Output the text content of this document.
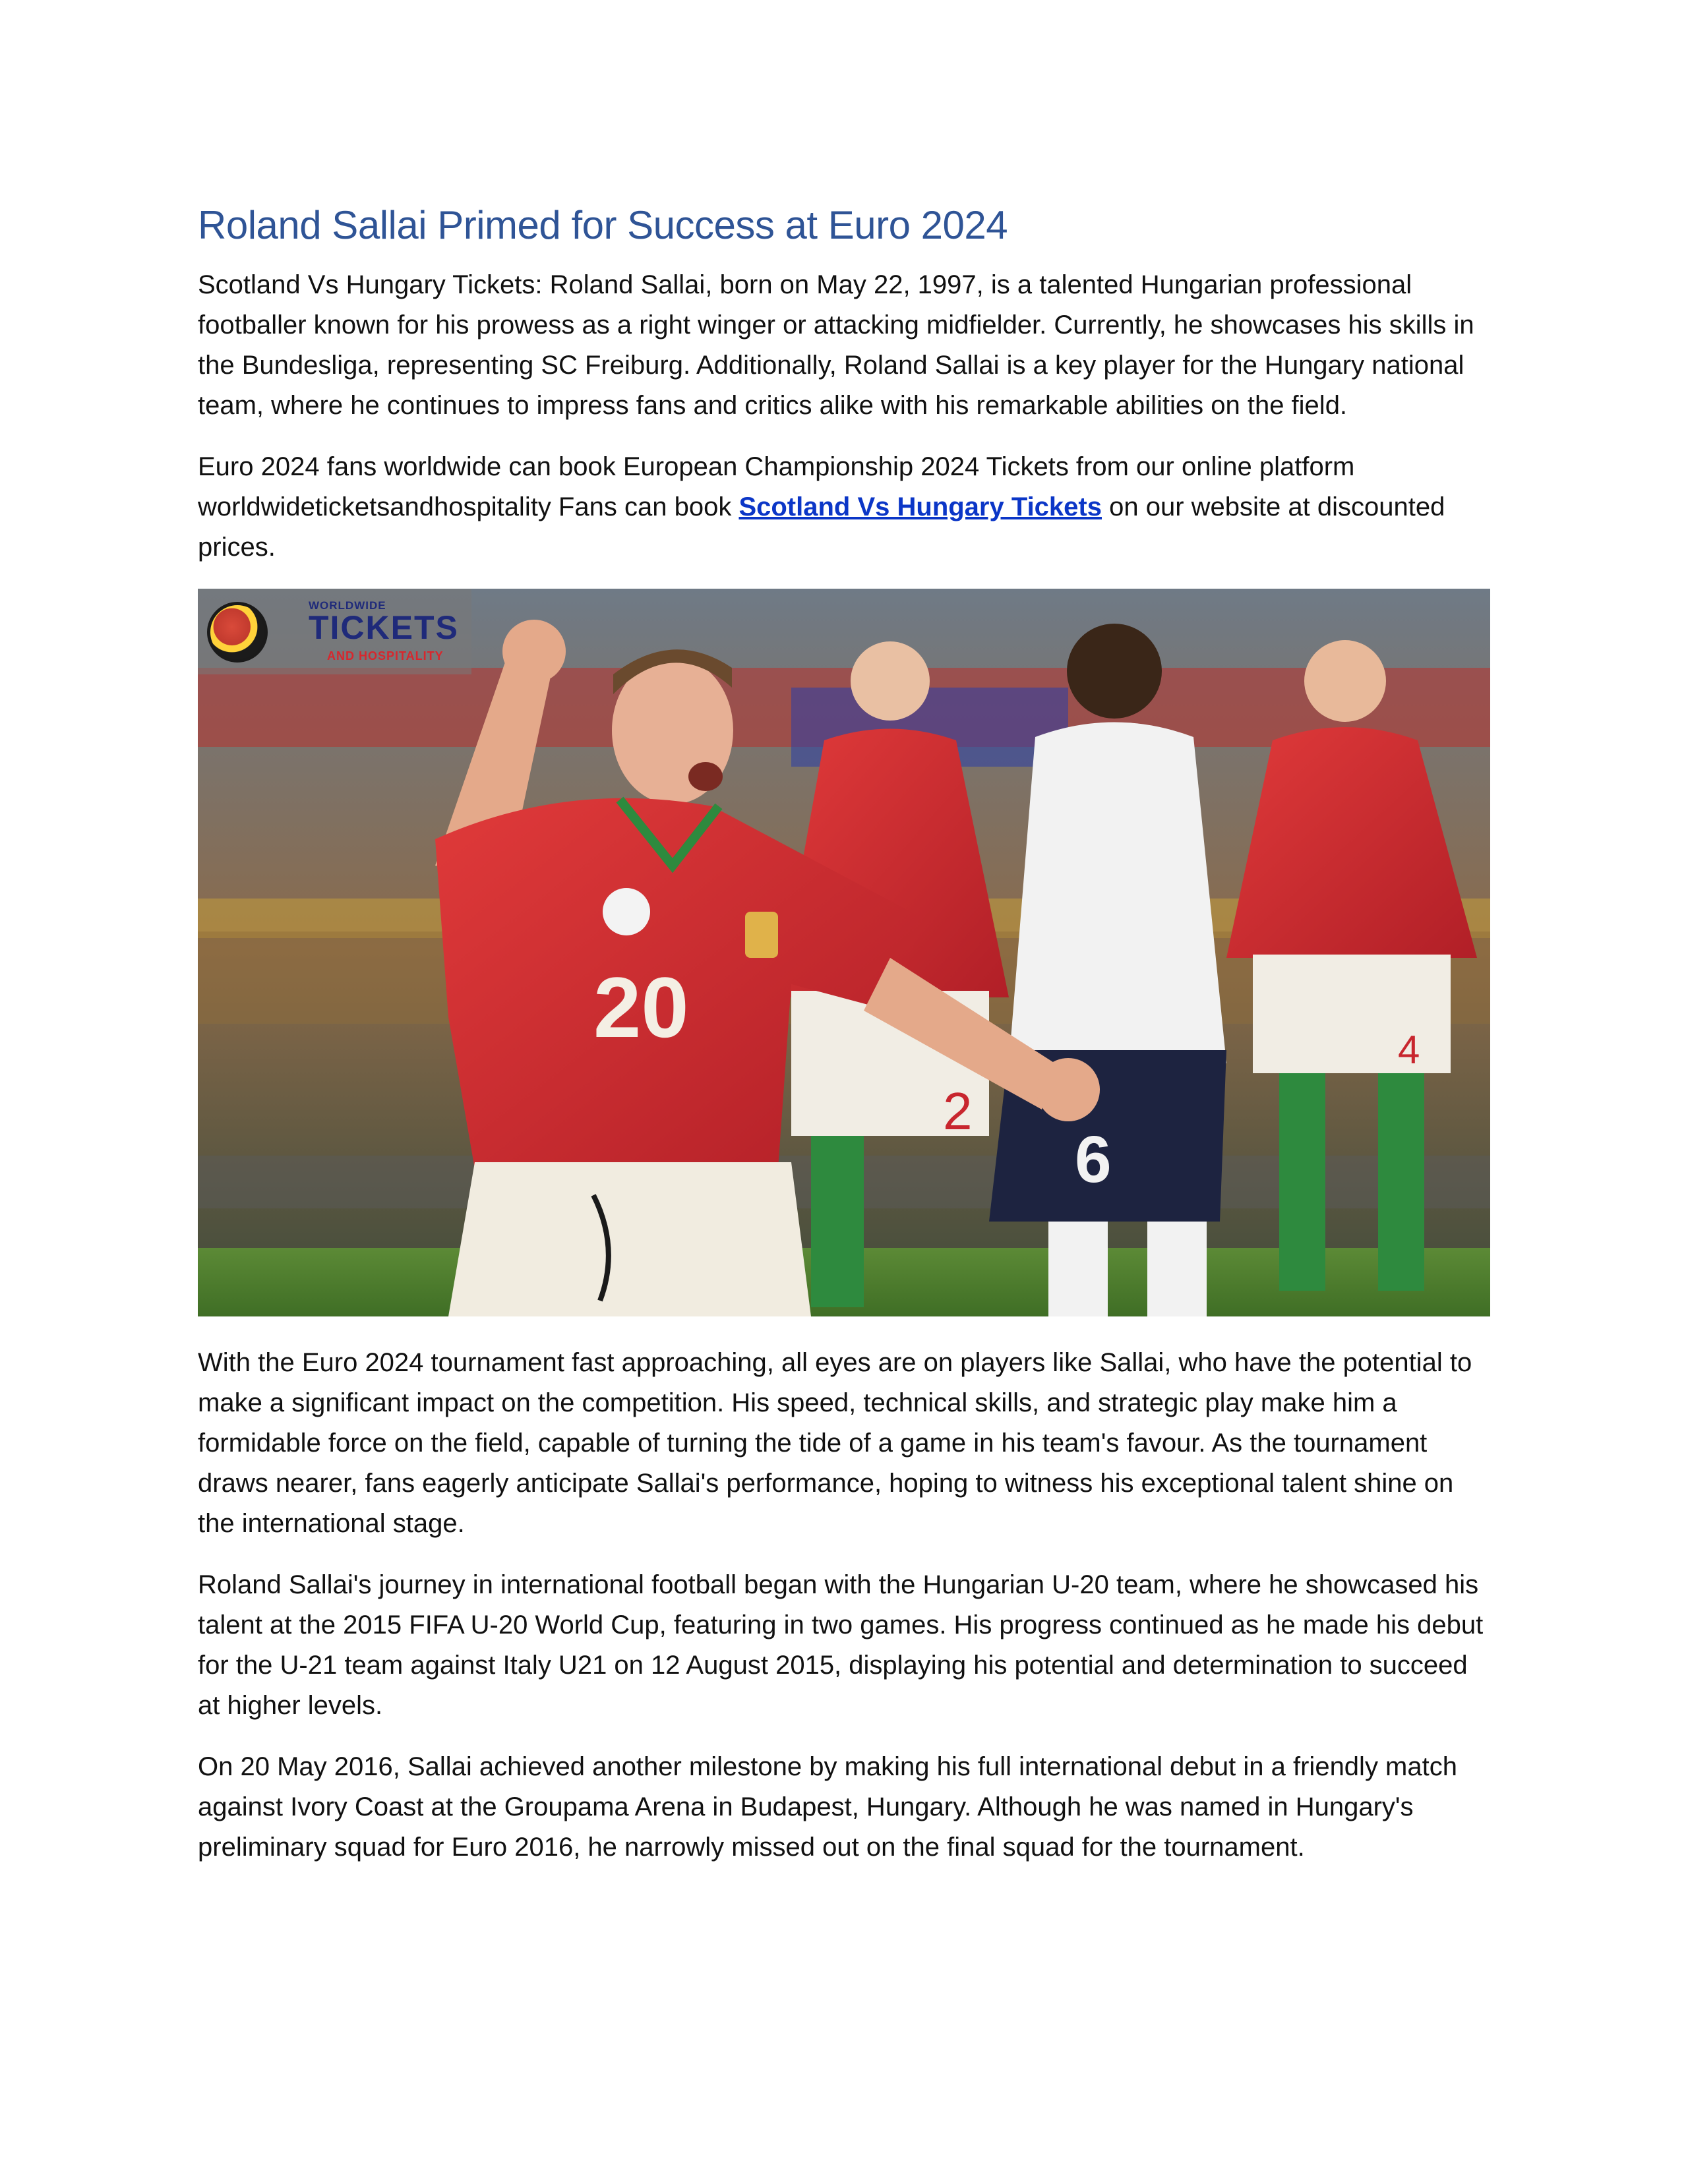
Roland Sallai Primed for Success at Euro 2024

Scotland Vs Hungary Tickets: Roland Sallai, born on May 22, 1997, is a talented Hungarian professional footballer known for his prowess as a right winger or attacking midfielder. Currently, he showcases his skills in the Bundesliga, representing SC Freiburg. Additionally, Roland Sallai is a key player for the Hungary national team, where he continues to impress fans and critics alike with his remarkable abilities on the field.

Euro 2024 fans worldwide can book European Championship 2024 Tickets from our online platform worldwideticketsandhospitality Fans can book Scotland Vs Hungary Tickets on our website at discounted prices.

4
2
6
20
WORLDWIDE
TICKETS
AND HOSPITALITY

With the Euro 2024 tournament fast approaching, all eyes are on players like Sallai, who have the potential to make a significant impact on the competition. His speed, technical skills, and strategic play make him a formidable force on the field, capable of turning the tide of a game in his team's favour. As the tournament draws nearer, fans eagerly anticipate Sallai's performance, hoping to witness his exceptional talent shine on the international stage.

Roland Sallai's journey in international football began with the Hungarian U-20 team, where he showcased his talent at the 2015 FIFA U-20 World Cup, featuring in two games. His progress continued as he made his debut for the U-21 team against Italy U21 on 12 August 2015, displaying his potential and determination to succeed at higher levels.

On 20 May 2016, Sallai achieved another milestone by making his full international debut in a friendly match against Ivory Coast at the Groupama Arena in Budapest, Hungary. Although he was named in Hungary's preliminary squad for Euro 2016, he narrowly missed out on the final squad for the tournament.
